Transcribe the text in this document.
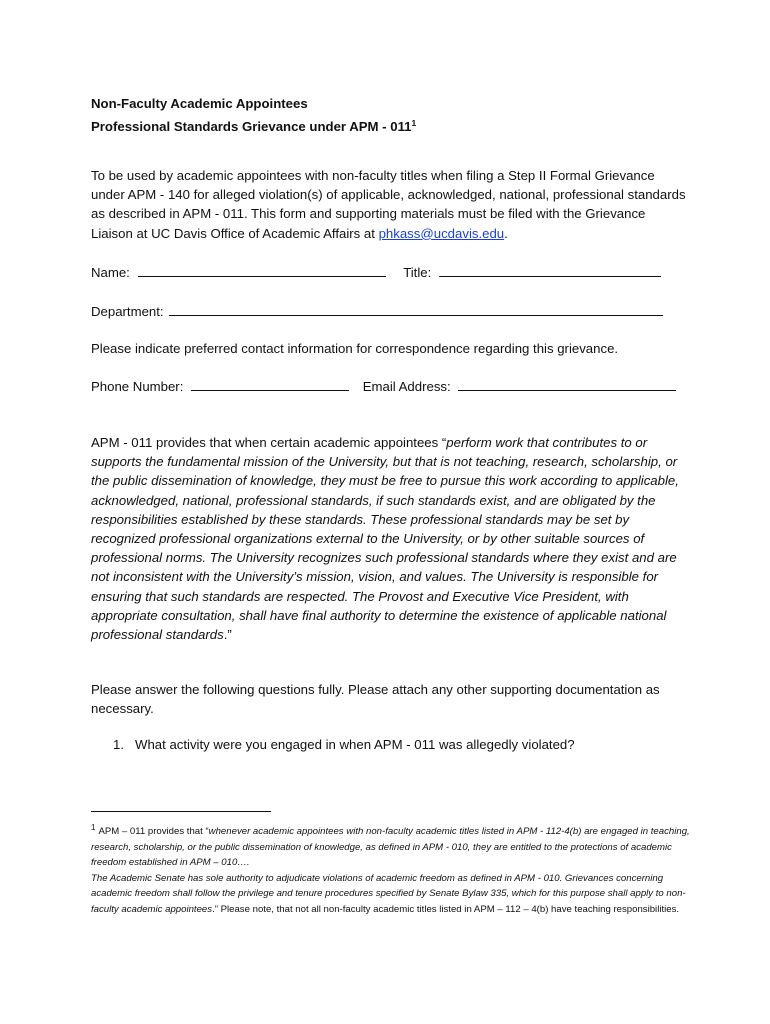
Non-Faculty Academic Appointees
Professional Standards Grievance under APM - $011^1$

To be used by academic appointees with non-faculty titles when filing a Step II Formal Grievance under APM - 140 for alleged violation(s) of applicable, acknowledged, national, professional standards as described in APM - 011. This form and supporting materials must be filed with the Grievance Liaison at UC Davis Office of Academic Affairs at phkass@ucdavis.edu.

Name:	Title:
Department:
Please indicate preferred contact information for correspondence regarding this grievance.
Phone Number:	Email Address:

APM - 011 provides that when certain academic appointees “perform work that contributes to or supports the fundamental mission of the University, but that is not teaching, research, scholarship, or the public dissemination of knowledge, they must be free to pursue this work according to applicable, acknowledged, national, professional standards, if such standards exist, and are obligated by the responsibilities established by these standards. These professional standards may be set by recognized professional organizations external to the University, or by other suitable sources of professional norms. The University recognizes such professional standards where they exist and are not inconsistent with the University’s mission, vision, and values. The University is responsible for ensuring that such standards are respected. The Provost and Executive Vice President, with appropriate consultation, shall have final authority to determine the existence of applicable national professional standards.”

Please answer the following questions fully. Please attach any other supporting documentation as necessary.

1. What activity were you engaged in when APM - 011 was allegedly violated?

$^1$ APM – 011 provides that “whenever academic appointees with non-faculty academic titles listed in APM - 112-4(b) are engaged in teaching, research, scholarship, or the public dissemination of knowledge, as defined in APM - 010, they are entitled to the protections of academic freedom established in APM – 010….
The Academic Senate has sole authority to adjudicate violations of academic freedom as defined in APM - 010. Grievances concerning academic freedom shall follow the privilege and tenure procedures specified by Senate Bylaw 335, which for this purpose shall apply to non-faculty academic appointees.” Please note, that not all non-faculty academic titles listed in APM – 112 – 4(b) have teaching responsibilities.
